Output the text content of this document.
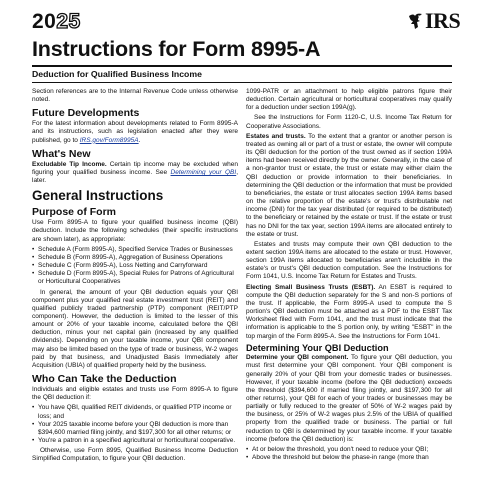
2025	IRS
Instructions for Form 8995-A
Deduction for Qualified Business Income

Section references are to the Internal Revenue Code unless otherwise noted.

Future Developments

For the latest information about developments related to Form 8995-A and its instructions, such as legislation enacted after they were published, go to IRS.gov/Form8995A.

What's New

Excludable Tip Income. Certain tip income may be excluded when figuring your qualified business income. See Determining your QBI, later.

General Instructions
Purpose of Form

Use Form 8995-A to figure your qualified business income (QBI) deduction. Include the following schedules (their specific instructions are shown later), as appropriate:

• Schedule A (Form 8995-A), Specified Service Trades or Businesses
• Schedule B (Form 8995-A), Aggregation of Business Operations
• Schedule C (Form 8995-A), Loss Netting and Carryforward
• Schedule D (Form 8995-A), Special Rules for Patrons of Agricultural or Horticultural Cooperatives

In general, the amount of your QBI deduction equals your QBI component plus your qualified real estate investment trust (REIT) and qualified publicly traded partnership (PTP) component (REIT/PTP component). However, the deduction is limited to the lesser of this amount or 20% of your taxable income, calculated before the QBI deduction, minus your net capital gain (increased by any qualified dividends). Depending on your taxable income, your QBI component may also be limited based on the type of trade or business, W-2 wages paid by that business, and Unadjusted Basis Immediately after Acquisition (UBIA) of qualified property held by the business.

Who Can Take the Deduction

Individuals and eligible estates and trusts use Form 8995-A to figure the QBI deduction if:

• You have QBI, qualified REIT dividends, or qualified PTP income or loss; and
• Your 2025 taxable income before your QBI deduction is more than $394,600 married filing jointly, and $197,300 for all other returns; or
• You're a patron in a specified agricultural or horticultural cooperative.

Otherwise, use Form 8995, Qualified Business Income Deduction Simplified Computation, to figure your QBI deduction.

1099-PATR or an attachment to help eligible patrons figure their deduction. Certain agricultural or horticultural cooperatives may qualify for a deduction under section 199A(g).

See the Instructions for Form 1120-C, U.S. Income Tax Return for Cooperative Associations.

Estates and trusts. To the extent that a grantor or another person is treated as owning all or part of a trust or estate, the owner will compute its QBI deduction for the portion of the trust owned as if section 199A items had been received directly by the owner. Generally, in the case of a non-grantor trust or estate, the trust or estate may either claim the QBI deduction or provide information to their beneficiaries. In determining the QBI deduction or the information that must be provided to beneficiaries, the estate or trust allocates section 199A items based on the relative proportion of the estate's or trust's distributable net income (DNI) for the tax year distributed (or required to be distributed) to the beneficiary or retained by the estate or trust. If the estate or trust has no DNI for the tax year, section 199A items are allocated entirely to the estate or trust.

Estates and trusts may compute their own QBI deduction to the extent section 199A items are allocated to the estate or trust. However, section 199A items allocated to beneficiaries aren't includible in the estate's or trust's QBI deduction computation. See the Instructions for Form 1041, U.S. Income Tax Return for Estates and Trusts.

Electing Small Business Trusts (ESBT). An ESBT is required to compute the QBI deduction separately for the S and non-S portions of the trust. If applicable, the Form 8995-A used to compute the S portion's QBI deduction must be attached as a PDF to the ESBT Tax Worksheet filed with Form 1041, and the trust must indicate that the information is applicable to the S portion only, by writing "ESBT" in the top margin of the Form 8995-A. See the Instructions for Form 1041.

Determining Your QBI Deduction

Determine your QBI component. To figure your QBI deduction, you must first determine your QBI component. Your QBI component is generally 20% of your QBI from your domestic trades or businesses. However, if your taxable income (before the QBI deduction) exceeds the threshold ($394,600 if married filing jointly, and $197,300 for all other returns), your QBI for each of your trades or businesses may be partially or fully reduced to the greater of 50% of W-2 wages paid by the business, or 25% of W-2 wages plus 2.5% of the UBIA of qualified property from the qualified trade or business. The partial or full reduction to QBI is determined by your taxable income. If your taxable income (before the QBI deduction) is:

• At or below the threshold, you don't need to reduce your QBI;
• Above the threshold but below the phase-in range (more than
